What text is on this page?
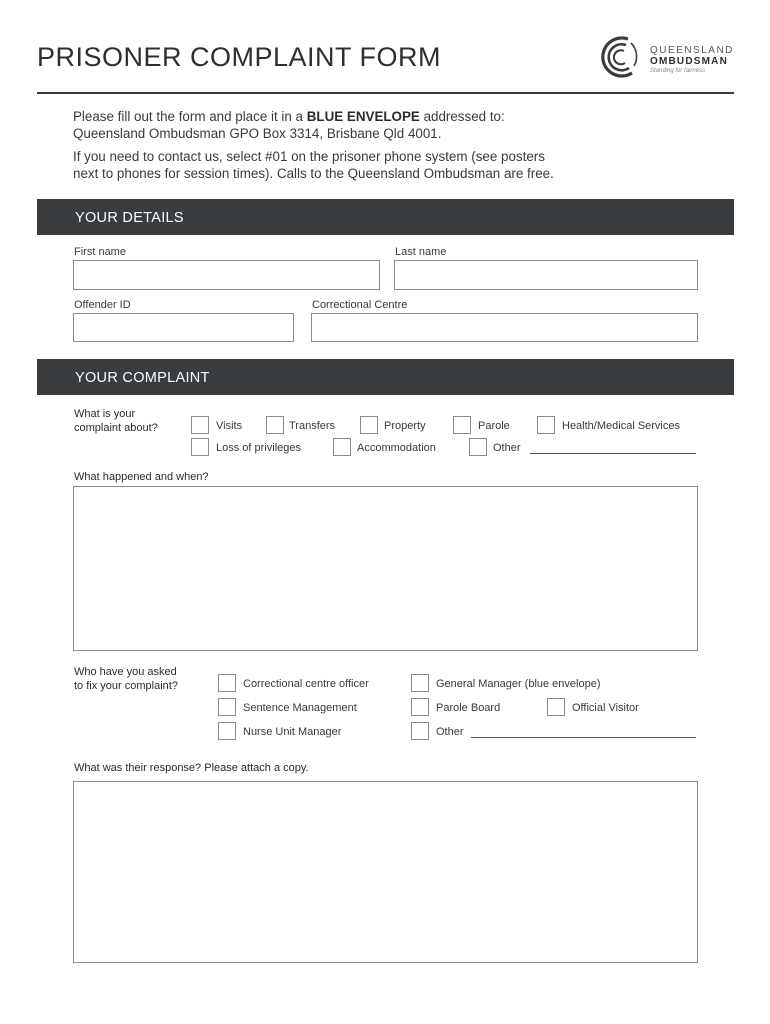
PRISONER COMPLAINT FORM	QUEENSLAND
OMBUDSMAN
Standing for fairness
Please fill out the form and place it in a BLUE ENVELOPE addressed to:
Queensland Ombudsman GPO Box 3314, Brisbane Qld 4001.
If you need to contact us, select #01 on the prisoner phone system (see posters
next to phones for session times). Calls to the Queensland Ombudsman are free.
YOUR DETAILS
First name	Last name
Offender ID	Correctional Centre
YOUR COMPLAINT
What is your
complaint about?	Visits	Transfers	Property	Parole	Health/Medical Services
Loss of privileges	Accommodation	Other
What happened and when?
Who have you asked
to fix your complaint?	Correctional centre officer	General Manager (blue envelope)
Sentence Management	Parole Board	Official Visitor
Nurse Unit Manager	Other
What was their response? Please attach a copy.
